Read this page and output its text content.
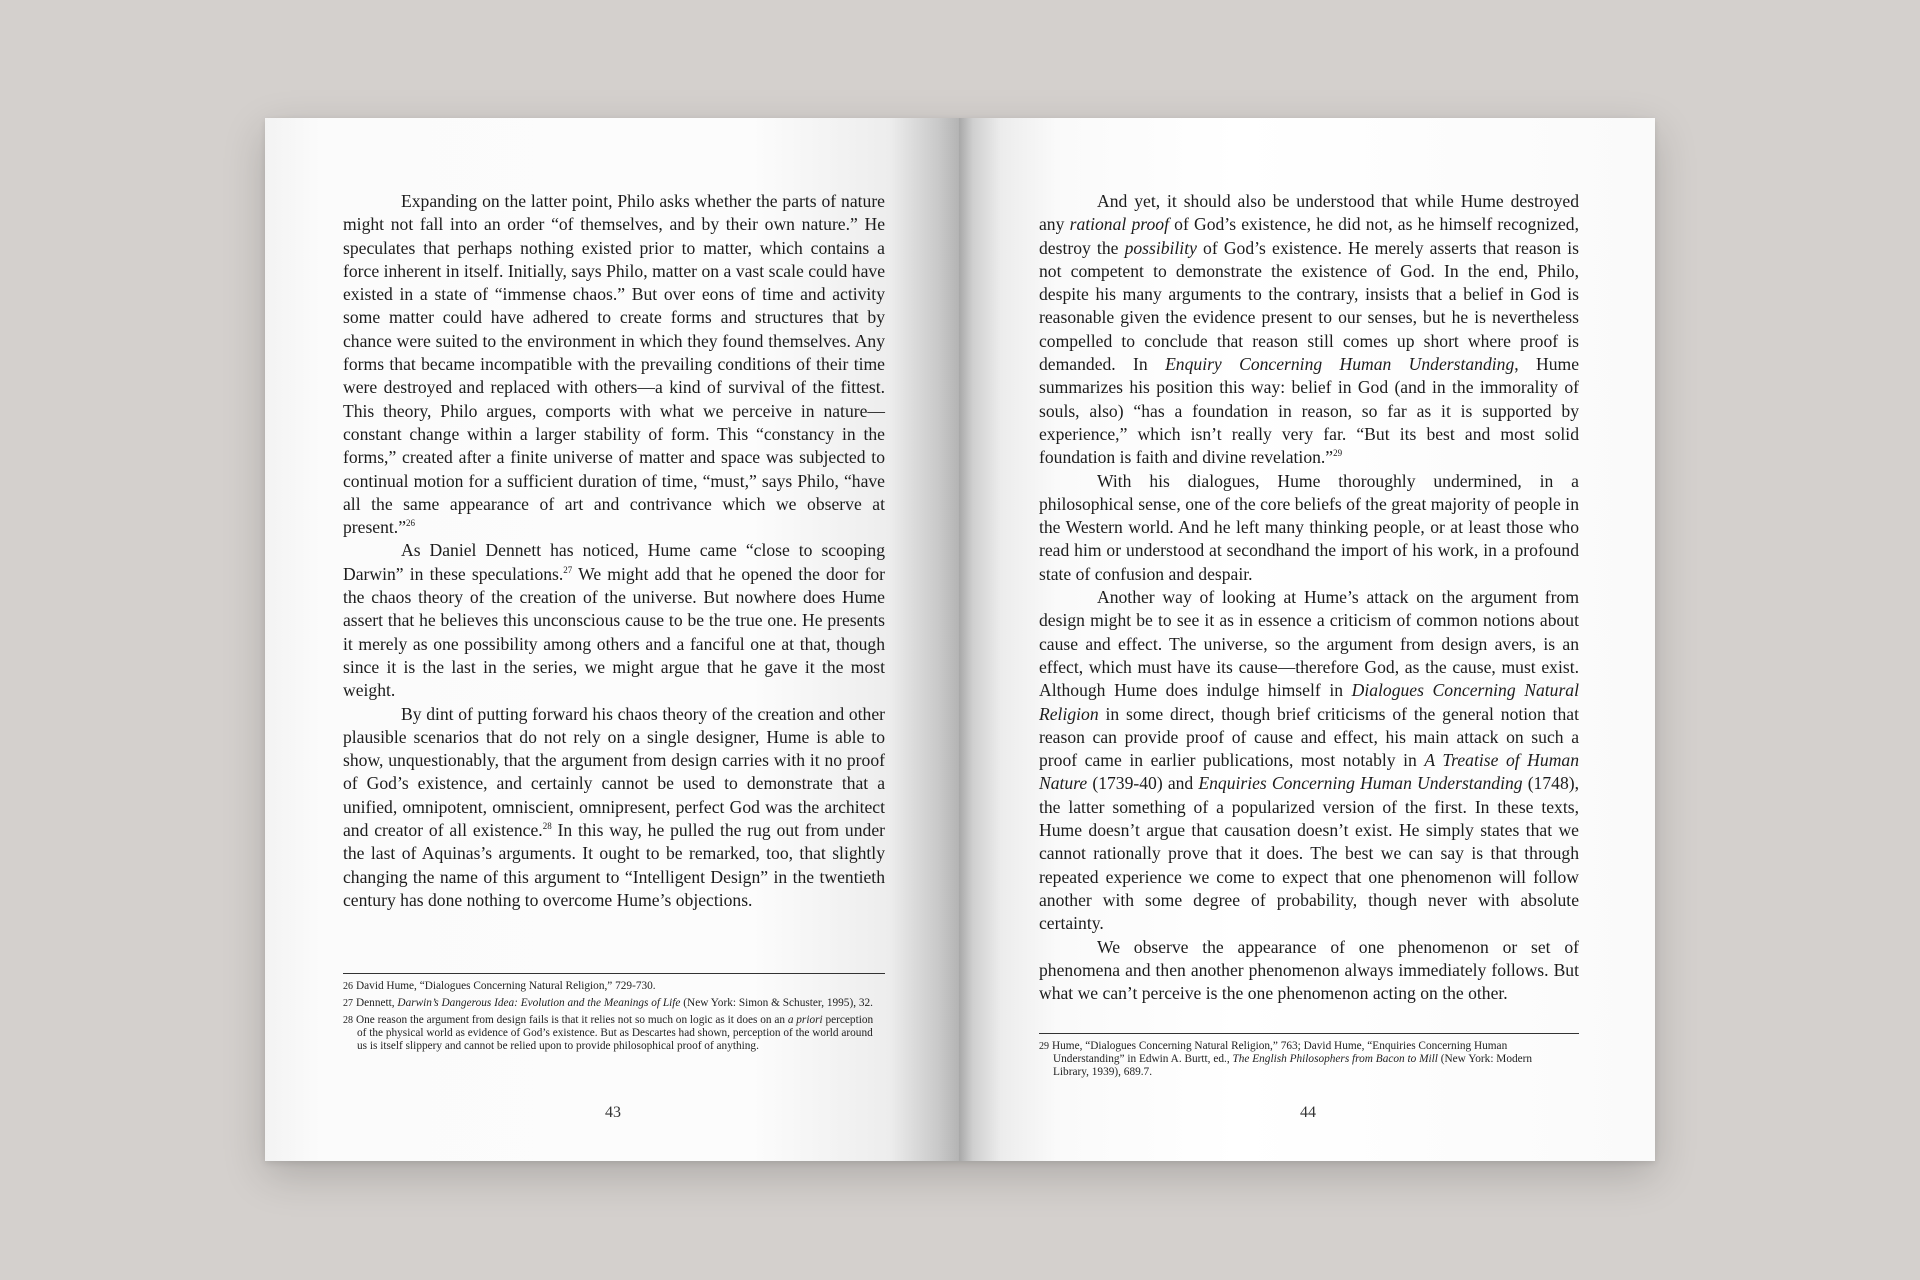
Expanding on the latter point, Philo asks whether the parts of nature might not fall into an order “of themselves, and by their own nature.” He speculates that perhaps nothing existed prior to matter, which contains a force inherent in itself. Initially, says Philo, matter on a vast scale could have existed in a state of “immense chaos.” But over eons of time and activity some matter could have adhered to create forms and structures that by chance were suited to the environment in which they found themselves. Any forms that became incompatible with the prevailing conditions of their time were destroyed and replaced with others—a kind of survival of the fittest. This theory, Philo argues, comports with what we perceive in nature—constant change within a larger stability of form. This “constancy in the forms,” created after a finite universe of matter and space was subjected to continual motion for a sufficient duration of time, “must,” says Philo, “have all the same appearance of art and contrivance which we observe at present.”$^{26}$

As Daniel Dennett has noticed, Hume came “close to scooping Darwin” in these speculations.$^{27}$ We might add that he opened the door for the chaos theory of the creation of the universe. But nowhere does Hume assert that he believes this unconscious cause to be the true one. He presents it merely as one possibility among others and a fanciful one at that, though since it is the last in the series, we might argue that he gave it the most weight.

By dint of putting forward his chaos theory of the creation and other plausible scenarios that do not rely on a single designer, Hume is able to show, unquestionably, that the argument from design carries with it no proof of God’s existence, and certainly cannot be used to demonstrate that a unified, omnipotent, omniscient, omnipresent, perfect God was the architect and creator of all existence.$^{28}$ In this way, he pulled the rug out from under the last of Aquinas’s arguments. It ought to be remarked, too, that slightly changing the name of this argument to “Intelligent Design” in the twentieth century has done nothing to overcome Hume’s objections.

26 David Hume, “Dialogues Concerning Natural Religion,” 729-730.

27 Dennett, Darwin’s Dangerous Idea: Evolution and the Meanings of Life (New York: Simon & Schuster, 1995), 32.

28 One reason the argument from design fails is that it relies not so much on logic as it does on an a priori perception of the physical world as evidence of God’s existence. But as Descartes had shown, perception of the world around us is itself slippery and cannot be relied upon to provide philosophical proof of anything.

43

And yet, it should also be understood that while Hume destroyed any rational proof of God’s existence, he did not, as he himself recognized, destroy the possibility of God’s existence. He merely asserts that reason is not competent to demonstrate the existence of God. In the end, Philo, despite his many arguments to the contrary, insists that a belief in God is reasonable given the evidence present to our senses, but he is nevertheless compelled to conclude that reason still comes up short where proof is demanded. In Enquiry Concerning Human Understanding, Hume summarizes his position this way: belief in God (and in the immorality of souls, also) “has a foundation in reason, so far as it is supported by experience,” which isn’t really very far. “But its best and most solid foundation is faith and divine revelation.”$^{29}$

With his dialogues, Hume thoroughly undermined, in a philosophical sense, one of the core beliefs of the great majority of people in the Western world. And he left many thinking people, or at least those who read him or understood at secondhand the import of his work, in a profound state of confusion and despair.

Another way of looking at Hume’s attack on the argument from design might be to see it as in essence a criticism of common notions about cause and effect. The universe, so the argument from design avers, is an effect, which must have its cause—therefore God, as the cause, must exist. Although Hume does indulge himself in Dialogues Concerning Natural Religion in some direct, though brief criticisms of the general notion that reason can provide proof of cause and effect, his main attack on such a proof came in earlier publications, most notably in A Treatise of Human Nature (1739-40) and Enquiries Concerning Human Understanding (1748), the latter something of a popularized version of the first. In these texts, Hume doesn’t argue that causation doesn’t exist. He simply states that we cannot rationally prove that it does. The best we can say is that through repeated experience we come to expect that one phenomenon will follow another with some degree of probability, though never with absolute certainty.

We observe the appearance of one phenomenon or set of phenomena and then another phenomenon always immediately follows. But what we can’t perceive is the one phenomenon acting on the other.

29 Hume, “Dialogues Concerning Natural Religion,” 763; David Hume, “Enquiries Concerning Human Understanding” in Edwin A. Burtt, ed., The English Philosophers from Bacon to Mill (New York: Modern Library, 1939), 689.7.

44
